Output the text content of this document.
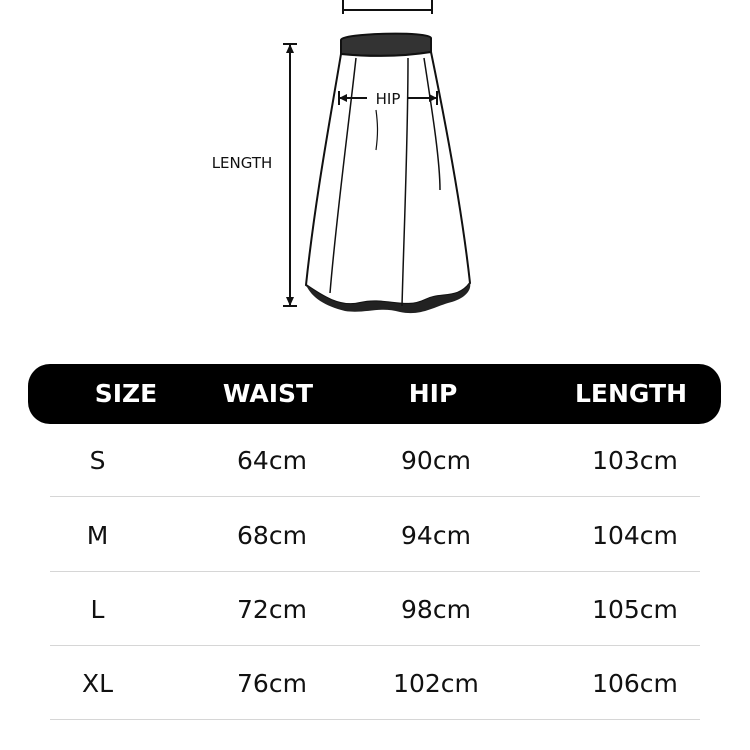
HIP
LENGTH
SIZE	WAIST	HIP	LENGTH
S	64cm	90cm	103cm
M	68cm	94cm	104cm
L	72cm	98cm	105cm
XL	76cm	102cm	106cm
